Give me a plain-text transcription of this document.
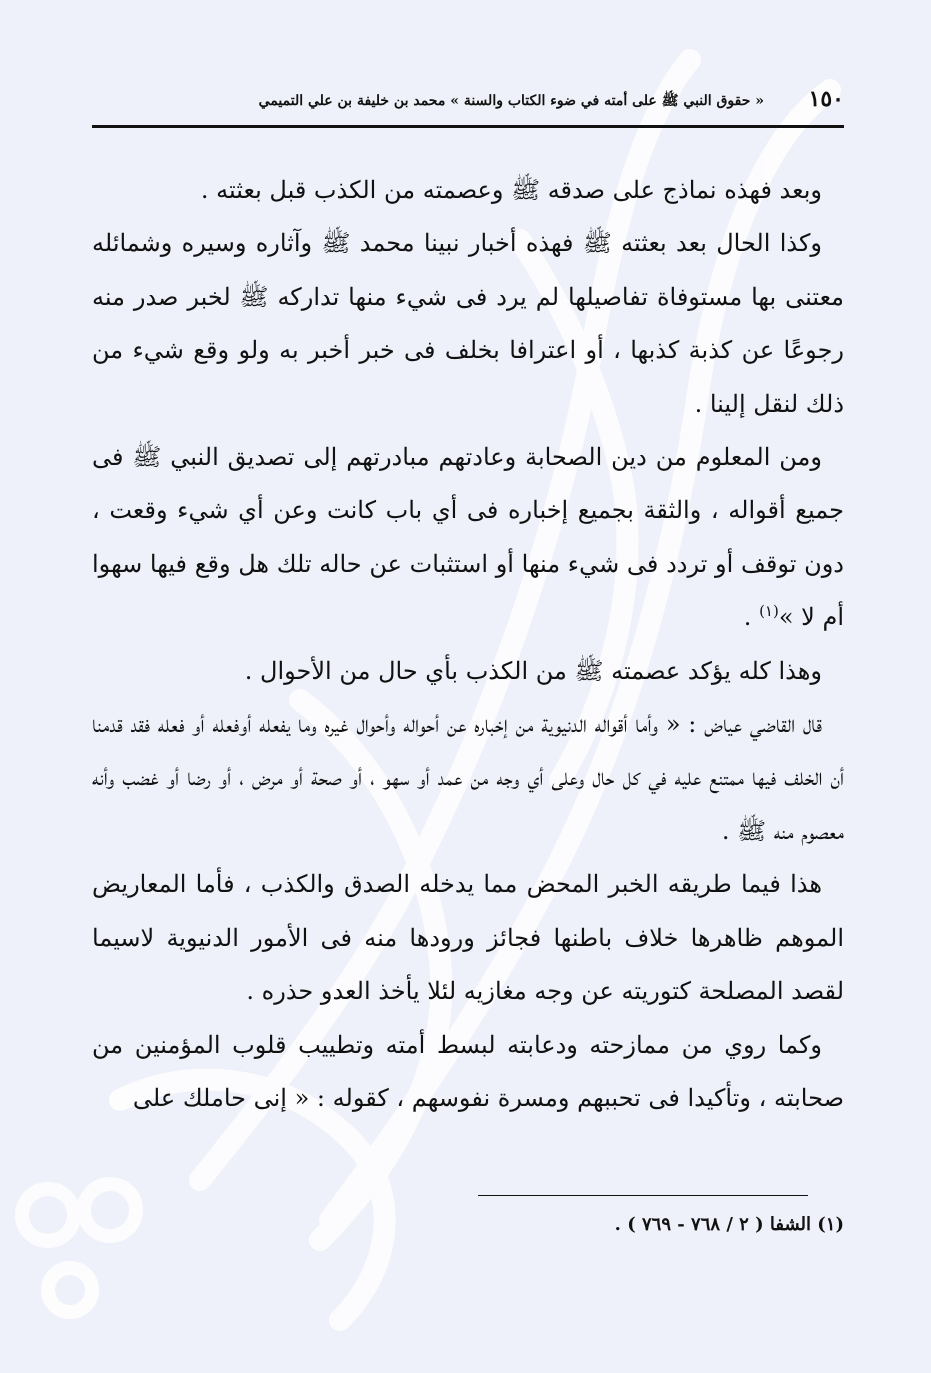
١٥٠
« حقوق النبي ﷺ على أمته في ضوء الكتاب والسنة » محمد بن خليفة بن علي التميمي

وبعد فهذه نماذج على صدقه ﷺ وعصمته من الكذب قبل بعثته .

وكذا الحال بعد بعثته ﷺ فهذه أخبار نبينا محمد ﷺ وآثاره وسيره وشمائله معتنى بها مستوفاة تفاصيلها لم يرد فى شيء منها تداركه ﷺ لخبر صدر منه رجوعًا عن كذبة كذبها ، أو اعترافا بخلف فى خبر أخبر به ولو وقع شيء من ذلك لنقل إلينا .

ومن المعلوم من دين الصحابة وعادتهم مبادرتهم إلى تصديق النبي ﷺ فى جميع أقواله ، والثقة بجميع إخباره فى أي باب كانت وعن أي شيء وقعت ، دون توقف أو تردد فى شيء منها أو استثبات عن حاله تلك هل وقع فيها سهوا أم لا »$^{(١)}$ .

وهذا كله يؤكد عصمته ﷺ من الكذب بأي حال من الأحوال .

قال القاضي عياض : « وأما أقواله الدنيوية من إخباره عن أحواله وأحوال غيره وما يفعله أوفعله أو فعله فقد قدمنا أن الخلف فيها ممتنع عليه في كل حال وعلى أي وجه من عمد أو سهو ، أو صحة أو مرض ، أو رضا أو غضب وأنه معصوم منه ﷺ .

هذا فيما طريقه الخبر المحض مما يدخله الصدق والكذب ، فأما المعاريض الموهم ظاهرها خلاف باطنها فجائز ورودها منه فى الأمور الدنيوية لاسيما لقصد المصلحة كتوريته عن وجه مغازيه لئلا يأخذ العدو حذره .

وكما روي من ممازحته ودعابته لبسط أمته وتطييب قلوب المؤمنين من صحابته ، وتأكيدا فى تحببهم ومسرة نفوسهم ، كقوله : « إنى حاملك على

(١) الشفا ( ٢ / ٧٦٨ - ٧٦٩ ) .
